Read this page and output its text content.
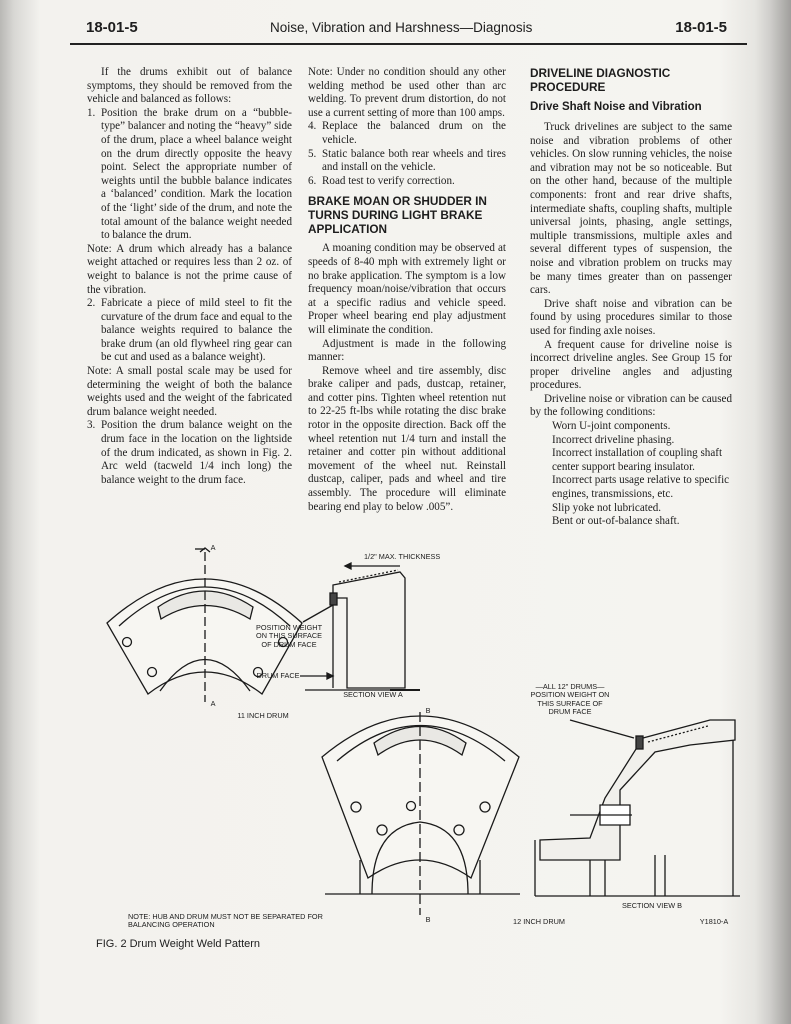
18-01-5	Noise, Vibration and Harshness—Diagnosis	18-01-5

If the drums exhibit out of balance symptoms, they should be removed from the vehicle and balanced as follows:

1. Position the brake drum on a “bubble-type” balancer and noting the “heavy” side of the drum, place a wheel balance weight on the drum directly opposite the heavy point. Select the appropriate number of weights until the bubble balance indicates a ‘balanced’ condition. Mark the location of the ‘light’ side of the drum, and note the total amount of the balance weight needed to balance the drum.

Note: A drum which already has a balance weight attached or requires less than 2 oz. of weight to balance is not the prime cause of the vibration.

2. Fabricate a piece of mild steel to fit the curvature of the drum face and equal to the balance weights required to balance the brake drum (an old flywheel ring gear can be cut and used as a balance weight).

Note: A small postal scale may be used for determining the weight of both the balance weights used and the weight of the fabricated drum balance weight needed.

3. Position the drum balance weight on the drum face in the location on the lightside of the drum indicated, as shown in Fig. 2. Arc weld (tacweld 1/4 inch long) the balance weight to the drum face.

Note: Under no condition should any other welding method be used other than arc welding. To prevent drum distortion, do not use a current setting of more than 100 amps.

4. Replace the balanced drum on the vehicle.
5. Static balance both rear wheels and tires and install on the vehicle.
6. Road test to verify correction.
BRAKE MOAN OR SHUDDER IN TURNS DURING LIGHT BRAKE APPLICATION

A moaning condition may be observed at speeds of 8-40 mph with extremely light or no brake application. The symptom is a low frequency moan/noise/vibration that occurs at a specific radius and vehicle speed. Proper wheel bearing end play adjustment will eliminate the condition.

Adjustment is made in the following manner:

Remove wheel and tire assembly, disc brake caliper and pads, dustcap, retainer, and cotter pins. Tighten wheel retention nut to 22-25 ft-lbs while rotating the disc brake rotor in the opposite direction. Back off the wheel retention nut 1/4 turn and install the retainer and cotter pin without additional movement of the wheel nut. Reinstall dustcap, caliper, pads and wheel and tire assembly. The procedure will eliminate bearing end play to below .005”.

DRIVELINE DIAGNOSTIC PROCEDURE
Drive Shaft Noise and Vibration

Truck drivelines are subject to the same noise and vibration problems of other vehicles. On slow running vehicles, the noise and vibration may not be so noticeable. But on the other hand, because of the multiple components: front and rear drive shafts, intermediate shafts, coupling shafts, multiple universal joints, phasing, angle settings, multiple transmissions, multiple axles and several different types of suspension, the noise and vibration problem on trucks may be many times greater than on passenger cars.

Drive shaft noise and vibration can be found by using procedures similar to those used for finding axle noises.

A frequent cause for driveline noise is incorrect driveline angles. See Group 15 for proper driveline angles and adjusting procedures.

Driveline noise or vibration can be caused by the following conditions:

Worn U-joint components.

Incorrect driveline phasing.

Incorrect installation of coupling shaft center support bearing insulator.

Incorrect parts usage relative to specific engines, transmissions, etc.

Slip yoke not lubricated.

Bent or out-of-balance shaft.

1/2" MAX. THICKNESS
POSITION WEIGHT ON THIS SURFACE OF DRUM FACE
DRUM FACE
SECTION VIEW A
11 INCH DRUM
—ALL 12" DRUMS— POSITION WEIGHT ON THIS SURFACE OF DRUM FACE
SECTION VIEW B
12 INCH DRUM
NOTE: HUB AND DRUM MUST NOT BE SEPARATED FOR BALANCING OPERATION	Y1810-A
A
A
B
B
FIG. 2 Drum Weight Weld Pattern
